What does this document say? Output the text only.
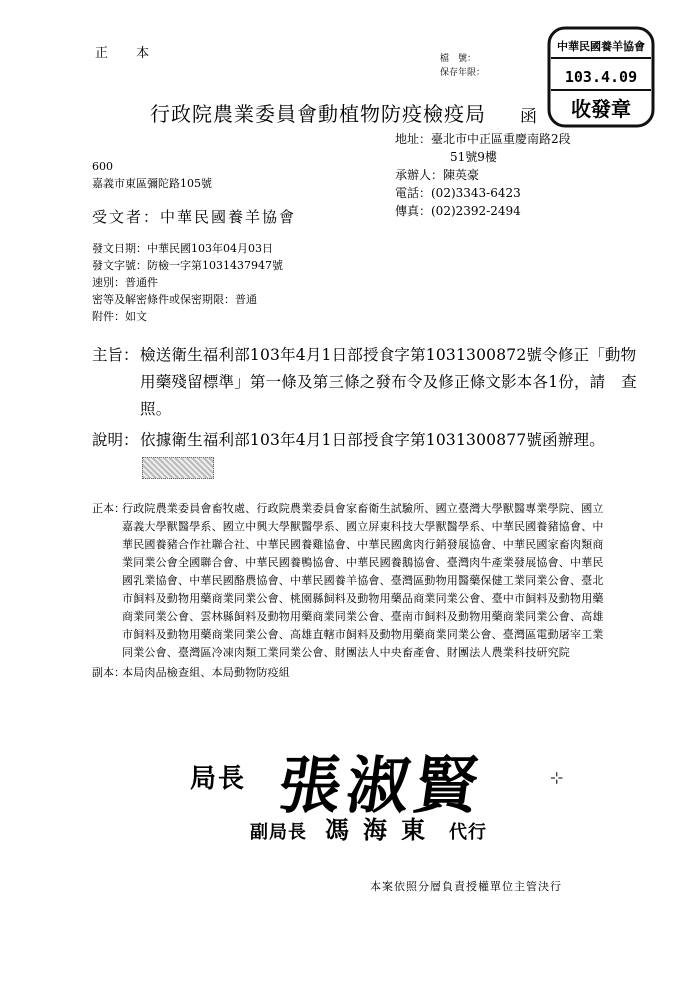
正 本	檔　號：
保存年限：
中華民國養羊協會
103.4.09
收發章
行政院農業委員會動植物防疫檢疫局 函
地址：臺北市中正區重慶南路2段
51號9樓
承辦人：陳英豪
電話：(02)3343-6423
傳真：(02)2392-2494
600
嘉義市東區彌陀路105號
受文者：中華民國養羊協會
發文日期：中華民國103年04月03日
發文字號：防檢一字第1031437947號
速別：普通件
密等及解密條件或保密期限：普通
附件：如文
主旨： 檢送衛生福利部103年4月1日部授食字第1031300872號令修正「動物用藥殘留標準」第一條及第三條之發布令及修正條文影本各1份，請　查照。
說明： 依據衛生福利部103年4月1日部授食字第1031300877號函辦理。
正本：
行政院農業委員會畜牧處、行政院農業委員會家畜衛生試驗所、國立臺灣大學獸醫專業學院、國立嘉義大學獸醫學系、國立中興大學獸醫學系、國立屏東科技大學獸醫學系、中華民國養豬協會、中華民國養豬合作社聯合社、中華民國養雞協會、中華民國禽肉行銷發展協會、中華民國家畜肉類商業同業公會全國聯合會、中華民國養鴨協會、中華民國養鵝協會、臺灣肉牛產業發展協會、中華民國乳業協會、中華民國酪農協會、中華民國養羊協會、臺灣區動物用醫藥保健工業同業公會、臺北市飼料及動物用藥商業同業公會、桃園縣飼料及動物用藥品商業同業公會、臺中市飼料及動物用藥商業同業公會、雲林縣飼料及動物用藥商業同業公會、臺南市飼料及動物用藥商業同業公會、高雄市飼料及動物用藥商業同業公會、高雄直轄市飼料及動物用藥商業同業公會、臺灣區電動屠宰工業同業公會、臺灣區冷凍肉類工業同業公會、財團法人中央畜產會、財團法人農業科技研究院
副本：
本局肉品檢查組、本局動物防疫組
局長 張淑賢	⊹
副局長 馮海東 代行
本案依照分層負責授權單位主管決行
